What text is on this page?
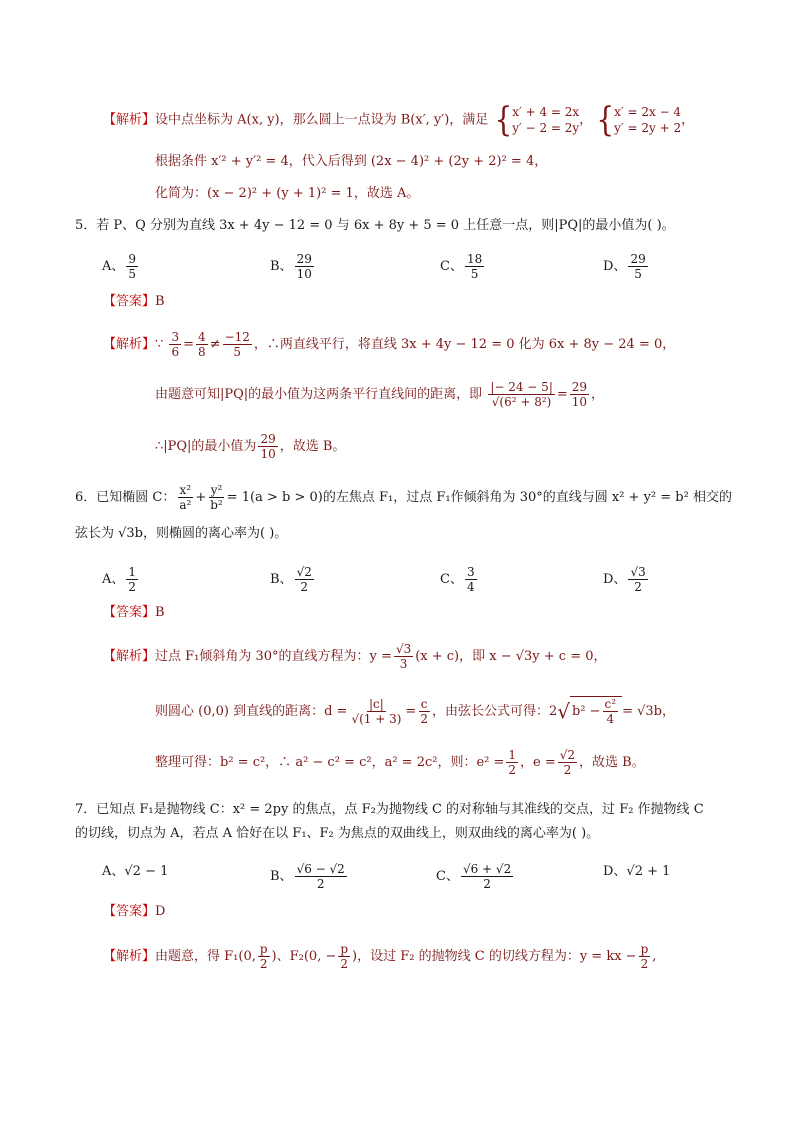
【解析】设中点坐标为 A(x, y)，那么圆上一点设为 B(x′, y′)，满足 { x′ + 4 = 2x
y′ − 2 = 2y
， { x′ = 2x − 4
y′ = 2y + 2
，
根据条件 x′² + y′² = 4，代入后得到 (2x − 4)² + (2y + 2)² = 4，
化简为：(x − 2)² + (y + 1)² = 1，故选 A。
5．若 P、Q 分别为直线 3x + 4y − 12 = 0 与 6x + 8y + 5 = 0 上任意一点，则|PQ|的最小值为( )。
A、 $\frac{9}{5}$	B、 $\frac{29}{10}$	C、 $\frac{18}{5}$	D、 $\frac{29}{5}$
【答案】B
【解析】∵ $\frac{3}{6} = \frac{4}{8} \ne \frac{-12}{5}$ ，∴两直线平行，将直线 3x + 4y − 12 = 0 化为 6x + 8y − 24 = 0，
由题意可知|PQ|的最小值为这两条平行直线间的距离，即 $\frac{|- 24 - 5|}{\text{√(6² + 8²)}} = \frac{29}{10}$ ，
∴|PQ|的最小值为 $\frac{29}{10}$ ，故选 B。
6．已知椭圆 C： $\frac{\text{x²}}{\text{a²}} + \frac{\text{y²}}{\text{b²}} = 1(a > b > 0)$的左焦点 F₁，过点 F₁作倾斜角为 30°的直线与圆 x² + y² = b² 相交的
弦长为 √3b，则椭圆的离心率为( )。
A、 $\frac{1}{2}$	B、 $\frac{√2}{2}$	C、 $\frac{3}{4}$	D、 $\frac{√3}{2}$
【答案】B
【解析】过点 F₁倾斜角为 30°的直线方程为：$y = \frac{√3}{3} (x + c)$，即 x − √3y + c = 0，
则圆心 (0,0) 到直线的距离：$d = \frac{|c|}{√(1 + 3)} = \frac{c}{2}$ ，由弦长公式可得：2√ $b^2 - \frac{\text{c²}}{4} = √3b$，
整理可得：b² = c²，∴ a² − c² = c²，a² = 2c²，则：$e^2 = \frac{1}{2}$ ，$e = \frac{√2}{2}$ ，故选 B。
7．已知点 F₁是抛物线 C：x² = 2py 的焦点，点 F₂为抛物线 C 的对称轴与其准线的交点，过 F₂ 作抛物线 C
的切线，切点为 A，若点 A 恰好在以 F₁、F₂ 为焦点的双曲线上，则双曲线的离心率为( )。
A、√2 − 1	B、 $\frac{√6 - √2}{2}$	C、 $\frac{√6 + √2}{2}$	D、√2 + 1
【答案】D
【解析】由题意，得 F₁(0, $\frac{p}{2}$ )、F₂(0, − $\frac{p}{2}$ )，设过 F₂ 的抛物线 C 的切线方程为：y = kx − $\frac{p}{2}$ ,
